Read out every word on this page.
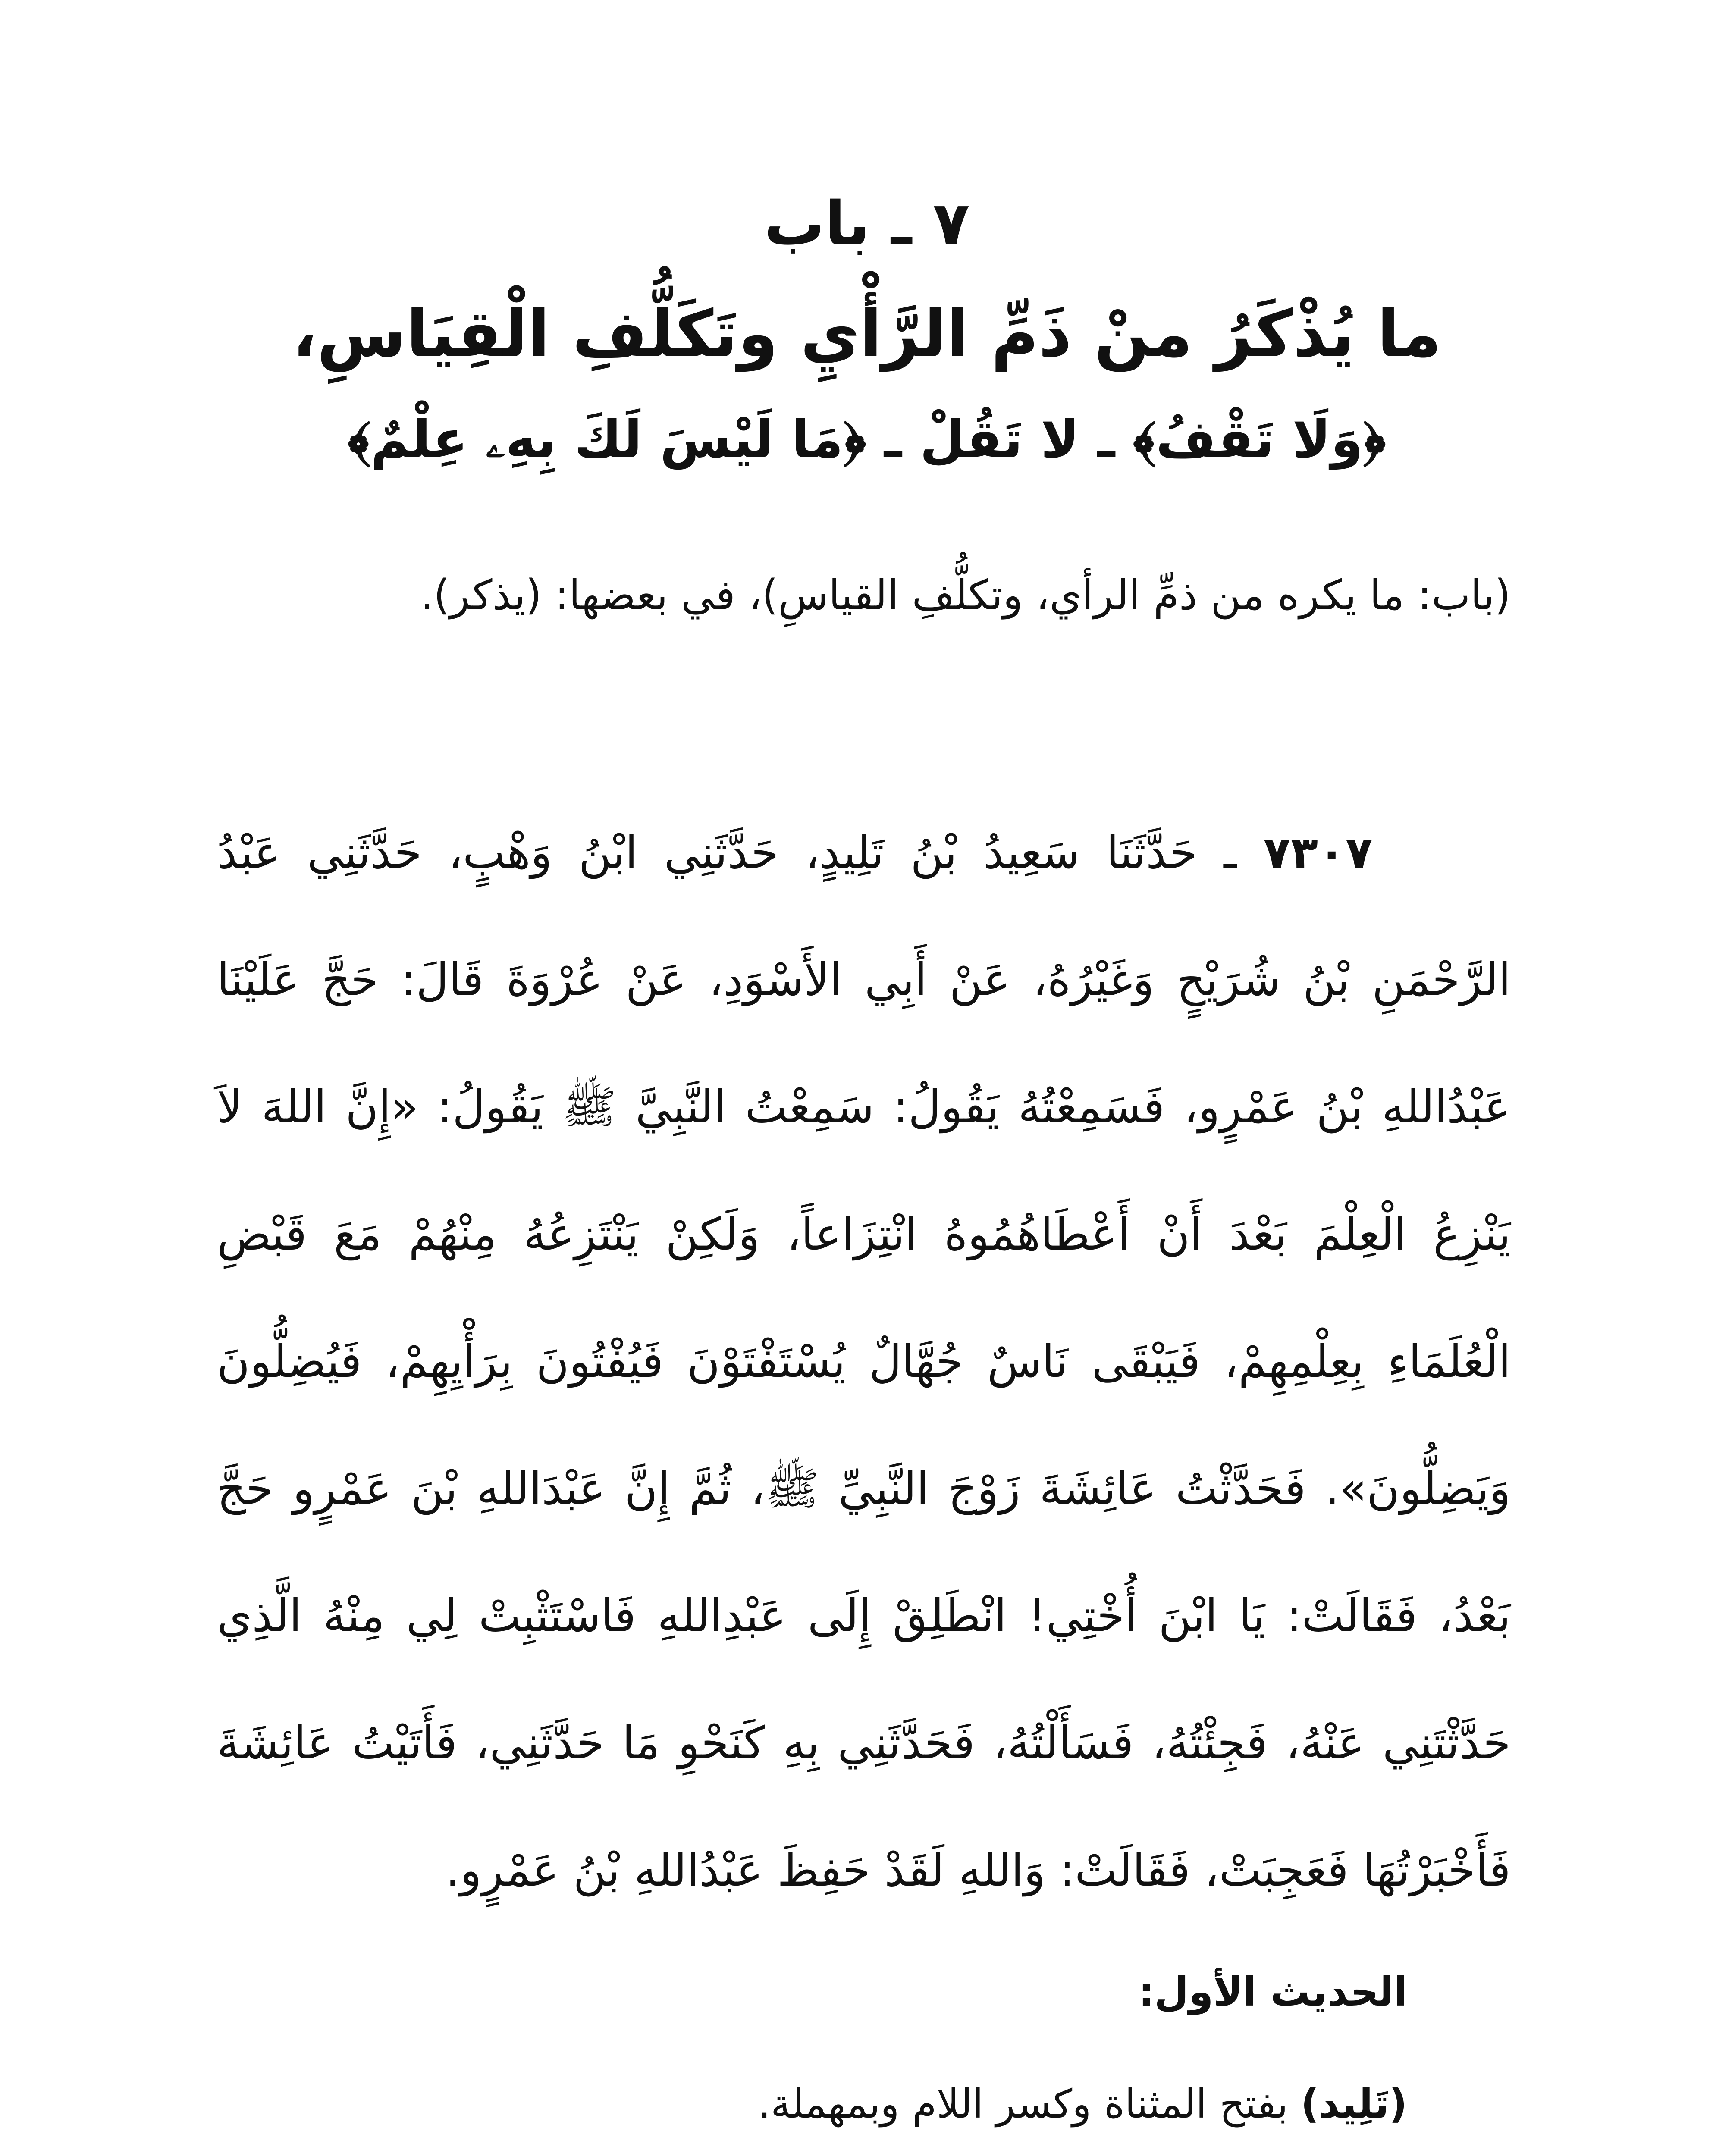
٧ ـ باب
ما يُذْكَرُ منْ ذَمِّ الرَّأْيِ وتَكَلُّفِ الْقِيَاسِ،
﴿وَلَا تَقْفُ﴾ ـ لا تَقُلْ ـ ﴿مَا لَيْسَ لَكَ بِهِۦ عِلْمٌ﴾

(باب: ما يكره من ذمِّ الرأي، وتكلُّفِ القياسِ)، في بعضها: (يذكر).

٧٣٠٧ ـ حَدَّثَنَا سَعِيدُ بْنُ تَلِيدٍ، حَدَّثَنِي ابْنُ وَهْبٍ، حَدَّثَنِي عَبْدُ الرَّحْمَنِ بْنُ شُرَيْحٍ وَغَيْرُهُ، عَنْ أَبِي الأَسْوَدِ، عَنْ عُرْوَةَ قَالَ: حَجَّ عَلَيْنَا عَبْدُاللهِ بْنُ عَمْرٍو، فَسَمِعْتُهُ يَقُولُ: سَمِعْتُ النَّبِيَّ ﷺ يَقُولُ: «إِنَّ اللهَ لاَ يَنْزِعُ الْعِلْمَ بَعْدَ أَنْ أَعْطَاهُمُوهُ انْتِزَاعاً، وَلَكِنْ يَنْتَزِعُهُ مِنْهُمْ مَعَ قَبْضِ الْعُلَمَاءِ بِعِلْمِهِمْ، فَيَبْقَى نَاسٌ جُهَّالٌ يُسْتَفْتَوْنَ فَيُفْتُونَ بِرَأْيِهِمْ، فَيُضِلُّونَ وَيَضِلُّونَ». فَحَدَّثْتُ عَائِشَةَ زَوْجَ النَّبِيِّ ﷺ، ثُمَّ إِنَّ عَبْدَاللهِ بْنَ عَمْرٍو حَجَّ بَعْدُ، فَقَالَتْ: يَا ابْنَ أُخْتِي! انْطَلِقْ إِلَى عَبْدِاللهِ فَاسْتَثْبِتْ لِي مِنْهُ الَّذِي حَدَّثْتَنِي عَنْهُ، فَجِئْتُهُ، فَسَأَلْتُهُ، فَحَدَّثَنِي بِهِ كَنَحْوِ مَا حَدَّثَنِي، فَأَتَيْتُ عَائِشَةَ فَأَخْبَرْتُهَا فَعَجِبَتْ، فَقَالَتْ: وَاللهِ لَقَدْ حَفِظَ عَبْدُاللهِ بْنُ عَمْرٍو.

الحديث الأول:
(تَلِيد) بفتح المثناة وكسر اللام وبمهملة.
